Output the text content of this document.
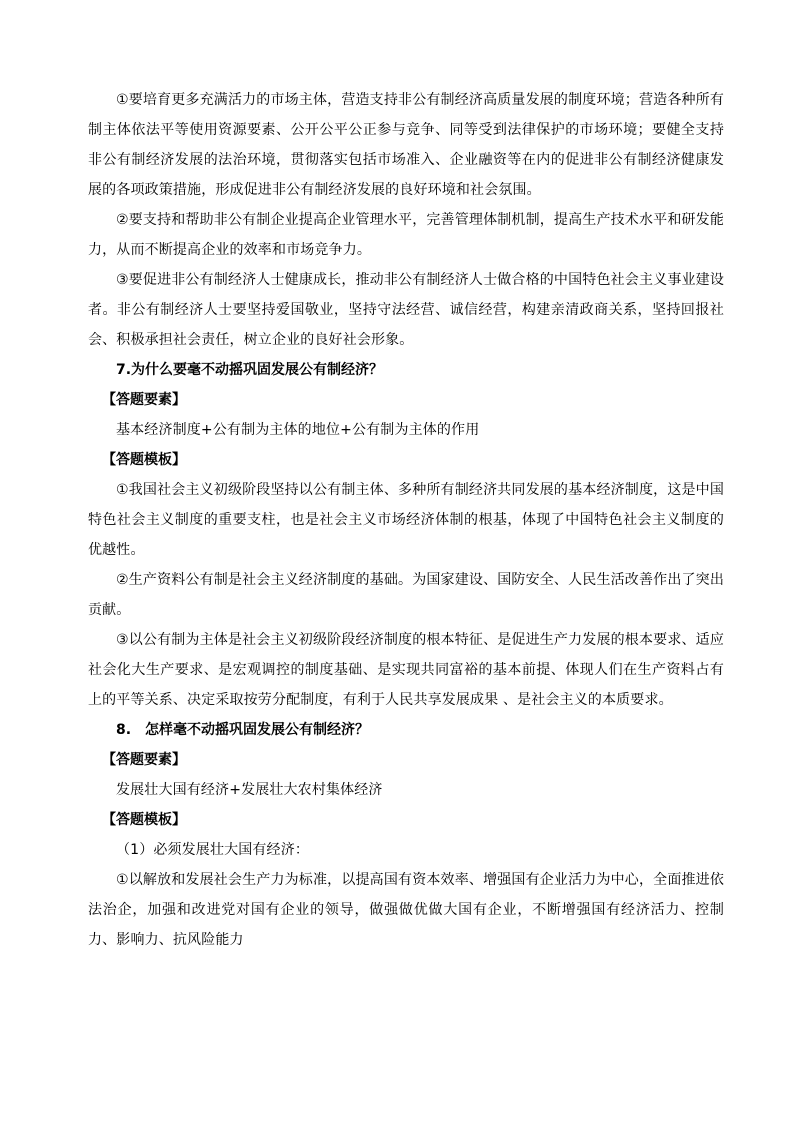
①要培育更多充满活力的市场主体，营造支持非公有制经济高质量发展的制度环境；营造各种所有制主体依法平等使用资源要素、公开公平公正参与竞争、同等受到法律保护的市场环境；要健全支持非公有制经济发展的法治环境，贯彻落实包括市场准入、企业融资等在内的促进非公有制经济健康发展的各项政策措施，形成促进非公有制经济发展的良好环境和社会氛围。

②要支持和帮助非公有制企业提高企业管理水平，完善管理体制机制，提高生产技术水平和研发能力，从而不断提高企业的效率和市场竞争力。

③要促进非公有制经济人士健康成长，推动非公有制经济人士做合格的中国特色社会主义事业建设者。非公有制经济人士要坚持爱国敬业，坚持守法经营、诚信经营，构建亲清政商关系，坚持回报社会、积极承担社会责任，树立企业的良好社会形象。

7.为什么要毫不动摇巩固发展公有制经济？

【答题要素】

基本经济制度+公有制为主体的地位+公有制为主体的作用

【答题模板】

①我国社会主义初级阶段坚持以公有制主体、多种所有制经济共同发展的基本经济制度，这是中国特色社会主义制度的重要支柱，也是社会主义市场经济体制的根基，体现了中国特色社会主义制度的优越性。

②生产资料公有制是社会主义经济制度的基础。为国家建设、国防安全、人民生活改善作出了突出贡献。

③以公有制为主体是社会主义初级阶段经济制度的根本特征、是促进生产力发展的根本要求、适应社会化大生产要求、是宏观调控的制度基础、是实现共同富裕的基本前提、体现人们在生产资料占有上的平等关系、决定采取按劳分配制度，有利于人民共享发展成果 、是社会主义的本质要求。

8.　怎样毫不动摇巩固发展公有制经济？

【答题要素】

发展壮大国有经济+发展壮大农村集体经济

【答题模板】

（1）必须发展壮大国有经济：

①以解放和发展社会生产力为标准，以提高国有资本效率、增强国有企业活力为中心，全面推进依法治企，加强和改进党对国有企业的领导，做强做优做大国有企业，不断增强国有经济活力、控制力、影响力、抗风险能力
